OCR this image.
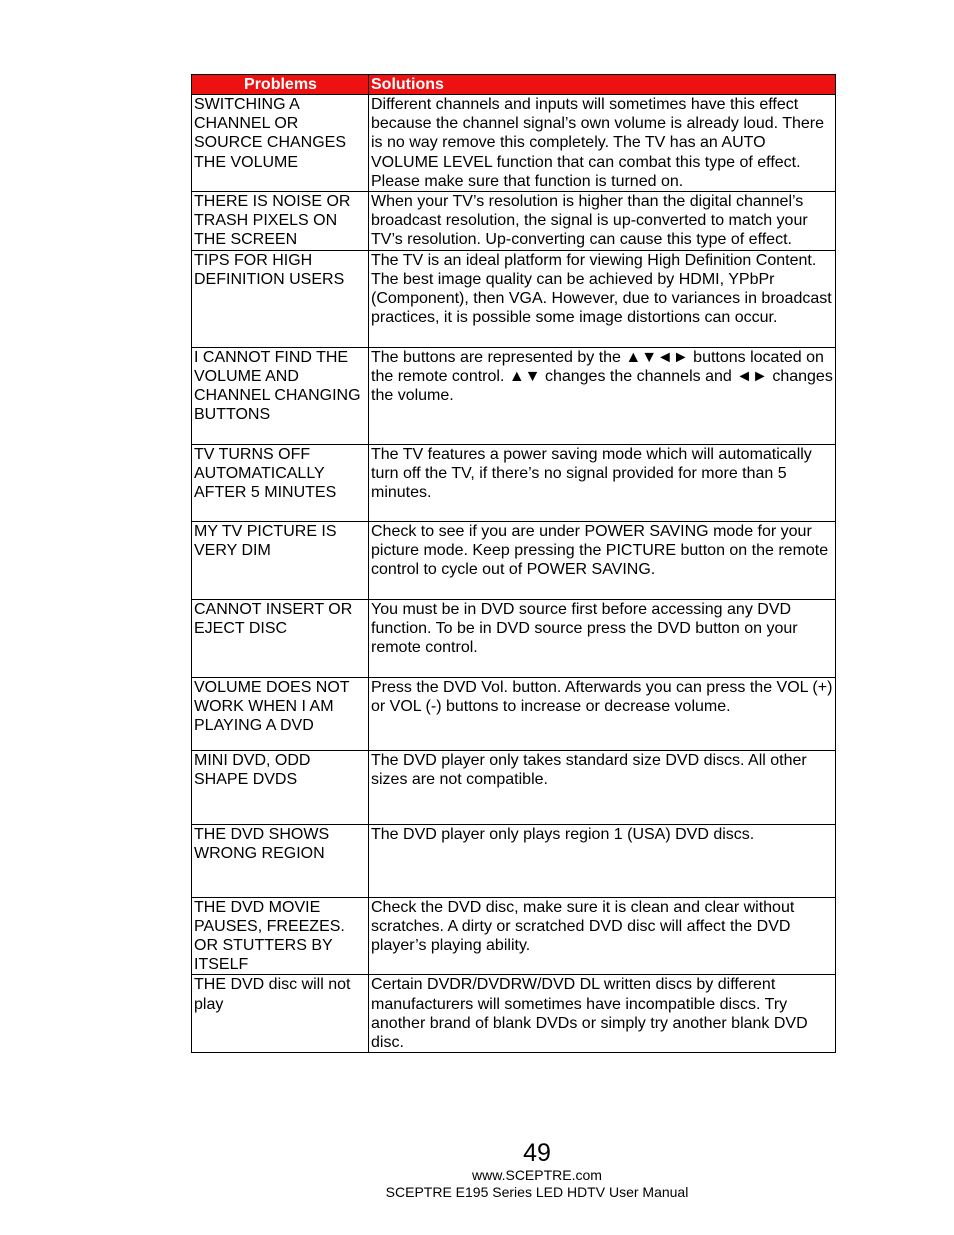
Problems	Solutions
SWITCHING A CHANNEL OR SOURCE CHANGES THE VOLUME	Different channels and inputs will sometimes have this effect because the channel signal’s own volume is already loud. There is no way remove this completely. The TV has an AUTO VOLUME LEVEL function that can combat this type of effect. Please make sure that function is turned on.
THERE IS NOISE OR TRASH PIXELS ON THE SCREEN	When your TV’s resolution is higher than the digital channel’s broadcast resolution, the signal is up-converted to match your TV’s resolution. Up-converting can cause this type of effect.
TIPS FOR HIGH DEFINITION USERS	The TV is an ideal platform for viewing High Definition Content. The best image quality can be achieved by HDMI, YPbPr (Component), then VGA. However, due to variances in broadcast practices, it is possible some image distortions can occur.
I CANNOT FIND THE VOLUME AND CHANNEL CHANGING BUTTONS	The buttons are represented by the ▲▼◄► buttons located on the remote control. ▲▼ changes the channels and ◄► changes the volume.
TV TURNS OFF AUTOMATICALLY AFTER 5 MINUTES	The TV features a power saving mode which will automatically turn off the TV, if there’s no signal provided for more than 5 minutes.
MY TV PICTURE IS VERY DIM	Check to see if you are under POWER SAVING mode for your picture mode. Keep pressing the PICTURE button on the remote control to cycle out of POWER SAVING.
CANNOT INSERT OR EJECT DISC	You must be in DVD source first before accessing any DVD function. To be in DVD source press the DVD button on your remote control.
VOLUME DOES NOT WORK WHEN I AM PLAYING A DVD	Press the DVD Vol. button. Afterwards you can press the VOL (+) or VOL (-) buttons to increase or decrease volume.
MINI DVD, ODD SHAPE DVDS	The DVD player only takes standard size DVD discs. All other sizes are not compatible.
THE DVD SHOWS WRONG REGION	The DVD player only plays region 1 (USA) DVD discs.
THE DVD MOVIE PAUSES, FREEZES. OR STUTTERS BY ITSELF	Check the DVD disc, make sure it is clean and clear without scratches. A dirty or scratched DVD disc will affect the DVD player’s playing ability.
THE DVD disc will not play	Certain DVDR/DVDRW/DVD DL written discs by different manufacturers will sometimes have incompatible discs. Try another brand of blank DVDs or simply try another blank DVD disc.
49
www.SCEPTRE.com
SCEPTRE E195 Series LED HDTV User Manual
